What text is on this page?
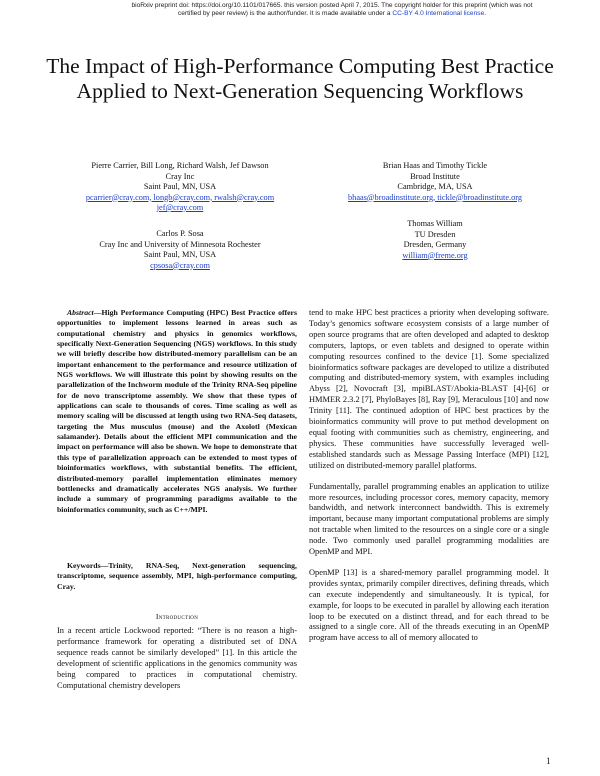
bioRxiv preprint doi: https://doi.org/10.1101/017665. this version posted April 7, 2015. The copyright holder for this preprint (which was not
certified by peer review) is the author/funder. It is made available under a CC-BY 4.0 International license.
The Impact of High-Performance Computing Best Practice Applied to Next-Generation Sequencing Workflows
Pierre Carrier, Bill Long, Richard Walsh, Jef Dawson
Cray Inc
Saint Paul, MN, USA
pcarrier@cray.com, longb@cray.com, rwalsh@cray.com
jef@cray.com
Carlos P. Sosa
Cray Inc and University of Minnesota Rochester
Saint Paul, MN, USA
cpsosa@cray.com
Brian Haas and Timothy Tickle
Broad Institute
Cambridge, MA, USA
bhaas@broadinstitute.org, tickle@broadinstitute.org
Thomas William
TU Dresden
Dresden, Germany
william@freme.org

Abstract—High Performance Computing (HPC) Best Practice offers opportunities to implement lessons learned in areas such as computational chemistry and physics in genomics workflows, specifically Next-Generation Sequencing (NGS) workflows. In this study we will briefly describe how distributed-memory parallelism can be an important enhancement to the performance and resource utilization of NGS workflows. We will illustrate this point by showing results on the parallelization of the Inchworm module of the Trinity RNA-Seq pipeline for de novo transcriptome assembly. We show that these types of applications can scale to thousands of cores. Time scaling as well as memory scaling will be discussed at length using two RNA-Seq datasets, targeting the Mus musculus (mouse) and the Axolotl (Mexican salamander). Details about the efficient MPI communication and the impact on performance will also be shown. We hope to demonstrate that this type of parallelization approach can be extended to most types of bioinformatics workflows, with substantial benefits. The efficient, distributed-memory parallel implementation eliminates memory bottlenecks and dramatically accelerates NGS analysis. We further include a summary of programming paradigms available to the bioinformatics community, such as C++/MPI.

Keywords—Trinity, RNA-Seq, Next-generation sequencing, transcriptome, sequence assembly, MPI, high-performance computing, Cray.

Introduction

In a recent article Lockwood reported: “There is no reason a high-performance framework for operating a distributed set of DNA sequence reads cannot be similarly developed” [1]. In this article the development of scientific applications in the genomics community was being compared to practices in computational chemistry. Computational chemistry developers

tend to make HPC best practices a priority when developing software. Today’s genomics software ecosystem consists of a large number of open source programs that are often developed and adapted to desktop computers, laptops, or even tablets and designed to operate within computing resources confined to the device [1]. Some specialized bioinformatics software packages are developed to utilize a distributed computing and distributed-memory system, with examples including Abyss [2], Novocraft [3], mpiBLAST/Abokia-BLAST [4]-[6] or HMMER 2.3.2 [7], PhyloBayes [8], Ray [9], Meraculous [10] and now Trinity [11]. The continued adoption of HPC best practices by the bioinformatics community will prove to put method development on equal footing with communities such as chemistry, engineering, and physics. These communities have successfully leveraged well-established standards such as Message Passing Interface (MPI) [12], utilized on distributed-memory parallel platforms.

Fundamentally, parallel programming enables an application to utilize more resources, including processor cores, memory capacity, memory bandwidth, and network interconnect bandwidth. This is extremely important, because many important computational problems are simply not tractable when limited to the resources on a single core or a single node. Two commonly used parallel programming modalities are OpenMP and MPI.

OpenMP [13] is a shared-memory parallel programming model. It provides syntax, primarily compiler directives, defining threads, which can execute independently and simultaneously. It is typical, for example, for loops to be executed in parallel by allowing each iteration loop to be executed on a distinct thread, and for each thread to be assigned to a single core. All of the threads executing in an OpenMP program have access to all of memory allocated to

1
